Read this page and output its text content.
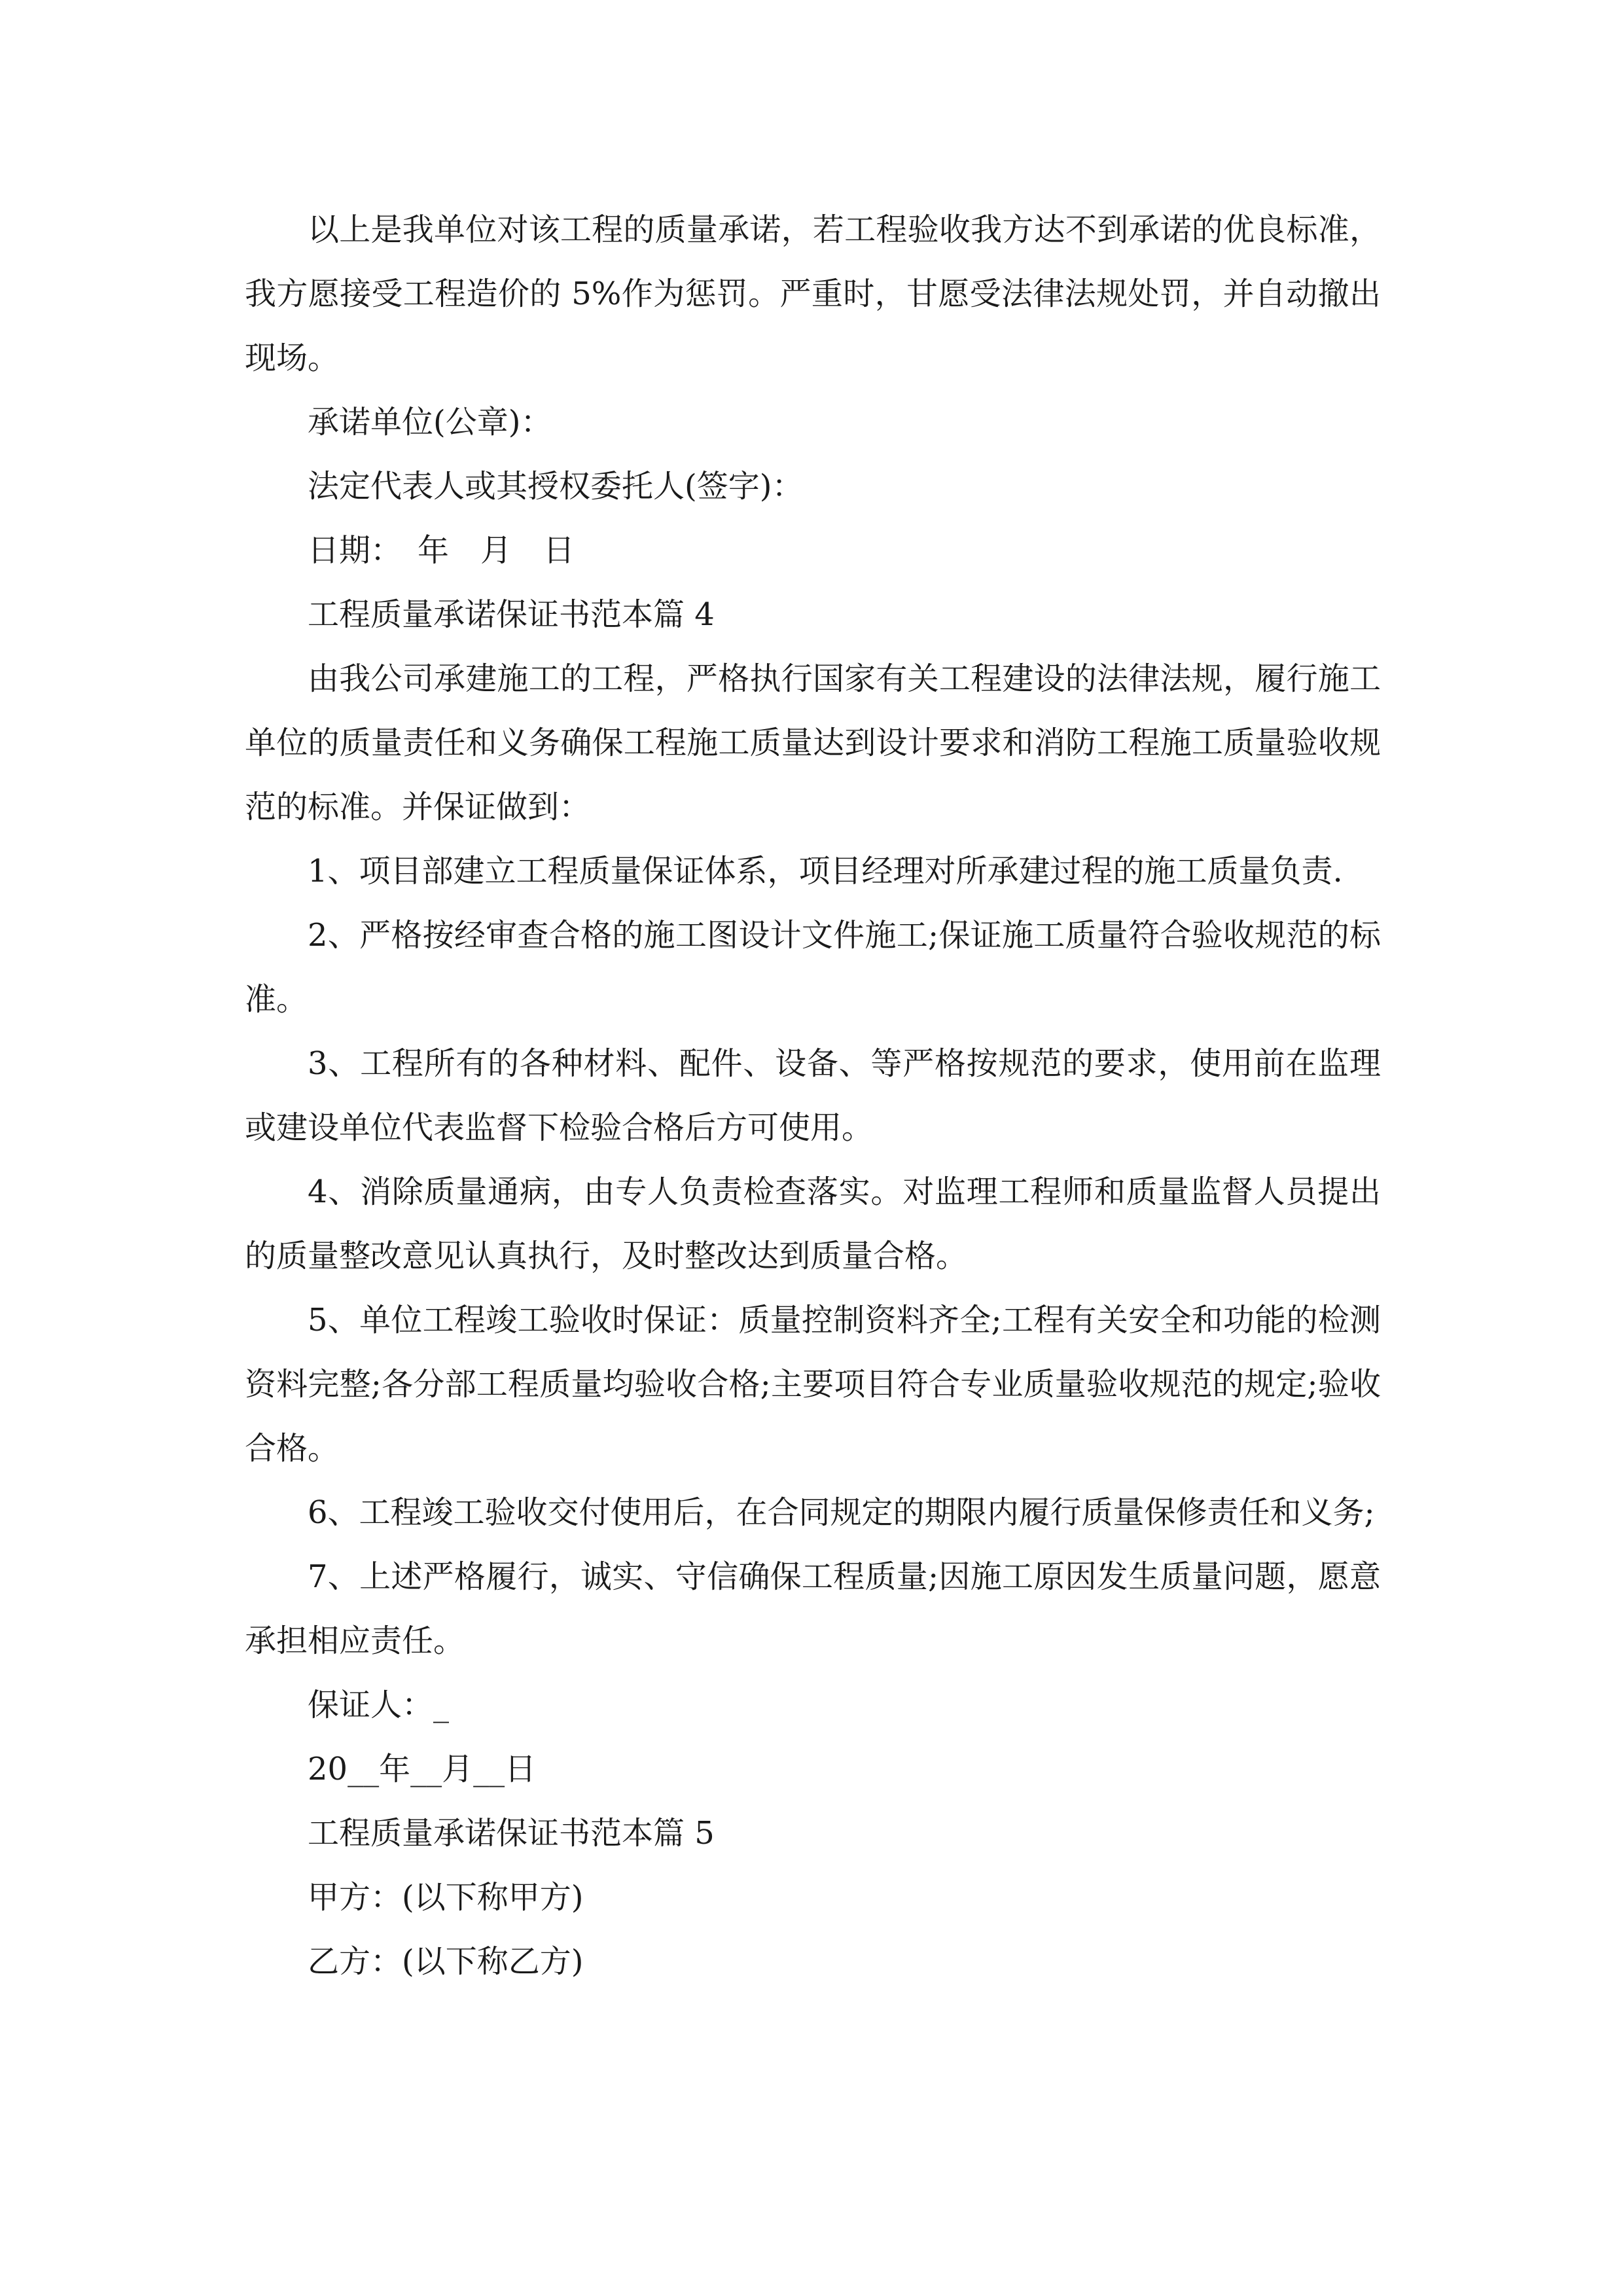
以上是我单位对该工程的质量承诺，若工程验收我方达不到承诺的优良标准，我方愿接受工程造价的 5%作为惩罚。严重时，甘愿受法律法规处罚，并自动撤出现场。

承诺单位(公章)：

法定代表人或其授权委托人(签字)：

日期：　年　月　日

工程质量承诺保证书范本篇 4

由我公司承建施工的工程，严格执行国家有关工程建设的法律法规，履行施工单位的质量责任和义务确保工程施工质量达到设计要求和消防工程施工质量验收规范的标准。并保证做到：

1、项目部建立工程质量保证体系，项目经理对所承建过程的施工质量负责.

2、严格按经审查合格的施工图设计文件施工;保证施工质量符合验收规范的标准。

3、工程所有的各种材料、配件、设备、等严格按规范的要求，使用前在监理或建设单位代表监督下检验合格后方可使用。

4、消除质量通病，由专人负责检查落实。对监理工程师和质量监督人员提出的质量整改意见认真执行，及时整改达到质量合格。

5、单位工程竣工验收时保证：质量控制资料齐全;工程有关安全和功能的检测资料完整;各分部工程质量均验收合格;主要项目符合专业质量验收规范的规定;验收合格。

6、工程竣工验收交付使用后，在合同规定的期限内履行质量保修责任和义务;

7、上述严格履行，诚实、守信确保工程质量;因施工原因发生质量问题，愿意承担相应责任。

保证人：_

20__年__月__日

工程质量承诺保证书范本篇 5

甲方：(以下称甲方)

乙方：(以下称乙方)
